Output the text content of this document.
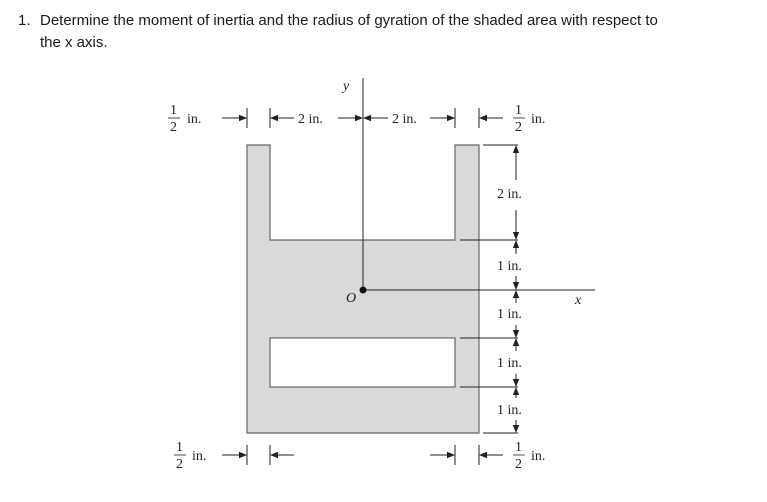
1. Determine the moment of inertia and the radius of gyration of the shaded area with respect to
the x axis.
y
x
O
1
2
in.	2 in.	2 in.
1
2
in.
2 in.
1 in.
1 in.
1 in.
1 in.
1
2
in.
1
2
in.
